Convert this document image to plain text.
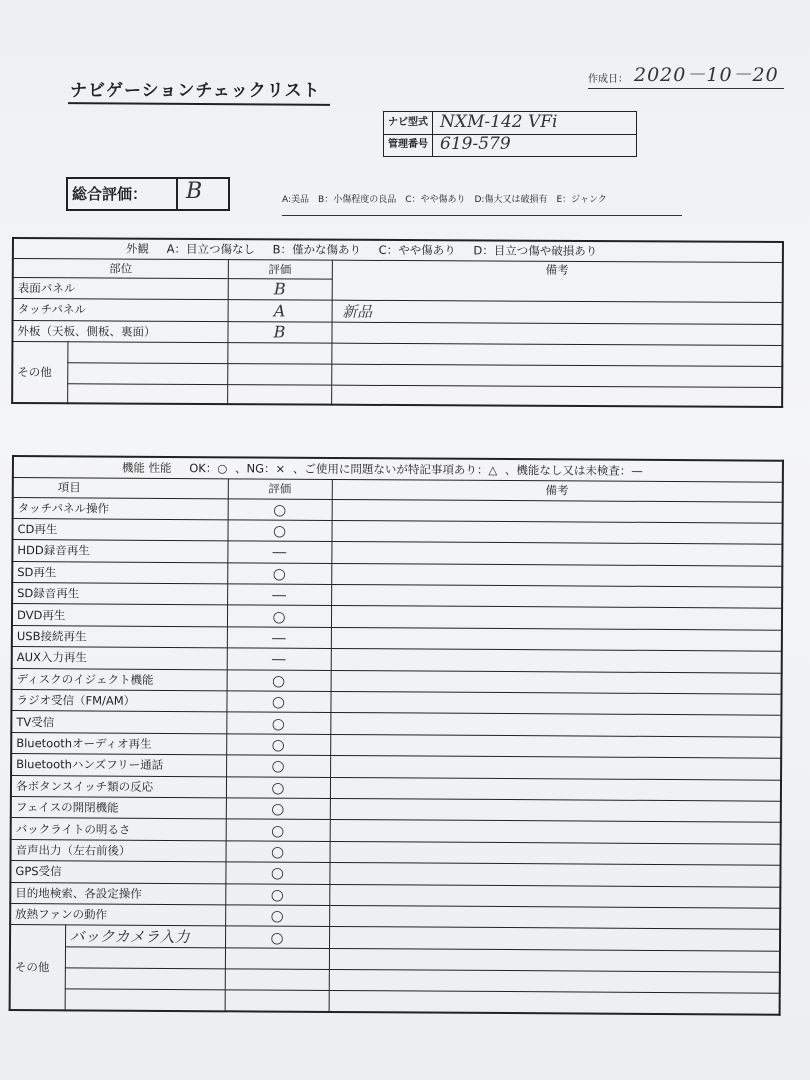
ナビゲーションチェックリスト
作成日： 2020－10－20
ナビ型式 NXM-142 VFi
管理番号 619-579
総合評価： B	A:美品　B：小傷程度の良品　C：やや傷あり　D:傷大又は破損有　E：ジャンク
外観 A：目立つ傷なし B：僅かな傷あり C：やや傷あり D：目立つ傷や破損あり			
部位		評価	備考
表面パネル		B	
タッチパネル		A	新品
外板（天板、側板、裏面）		B	
その他			

機能 性能 OK：○ 、NG：× 、ご使用に問題ないが特記事項あり：△ 、機能なし又は未検査：—			
項目		評価	備考
タッチパネル操作		○	
CD再生		○	
HDD録音再生		—	
SD再生		○	
SD録音再生		—	
DVD再生		○	
USB接続再生		—	
AUX入力再生		—	
ディスクのイジェクト機能		○	
ラジオ受信（FM/AM）		○	
TV受信		○	
Bluetoothオーディオ再生		○	
Bluetoothハンズフリー通話		○	
各ボタンスイッチ類の反応		○	
フェイスの開閉機能		○	
バックライトの明るさ		○	
音声出力（左右前後）		○	
GPS受信		○	
目的地検索、各設定操作		○	
放熱ファンの動作		○	
その他	バックカメラ入力	○	
